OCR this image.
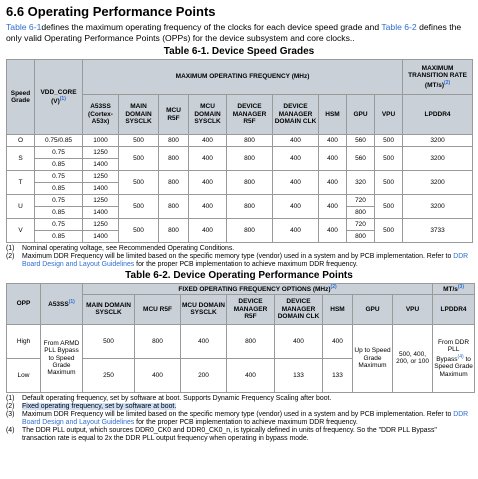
6.6 Operating Performance Points

Table 6-1defines the maximum operating frequency of the clocks for each device speed grade and Table 6-2 defines the only valid Operating Performance Points (OPPs) for the device subsystem and core clocks..

Table 6-1. Device Speed Grades
Speed Grade	VDD_CORE $(V)^{(1)}$	MAXIMUM OPERATING FREQUENCY (MHz)									MAXIMUM TRANSITION RATE $(MT/s)^{(2)}$
		A53SS (Cortex-A53x)	MAIN DOMAIN SYSCLK	MCU R5F	MCU DOMAIN SYSCLK	DEVICE MANAGER R5F	DEVICE MANAGER DOMAIN CLK	HSM	GPU	VPU	LPDDR4
O	0.75/0.85	1000	500	800	400	800	400	400	560	500	3200
S	0.75	1250	500	800	400	800	400	400	560	500	3200
	0.85	1400									
T	0.75	1250	500	800	400	800	400	400	320	500	3200
	0.85	1400									
U	0.75	1250	500	800	400	800	400	400	720	500	3200
	0.85	1400							800		
V	0.75	1250	500	800	400	800	400	400	720	500	3733
	0.85	1400							800		
(1)	Nominal operating voltage, see Recommended Operating Conditions.
(2)	Maximum DDR Frequency will be limited based on the specific memory type (vendor) used in a system and by PCB implementation. Refer to DDR Board Design and Layout Guidelines for the proper PCB implementation to achieve maximum DDR frequency.
Table 6-2. Device Operating Performance Points
OPP	A53SS$^{(1)}$	FIXED OPERATING FREQUENCY OPTIONS (MHz)$^{(2)}$								$MT/s^{(3)}$
		MAIN DOMAIN SYSCLK	MCU R5F	MCU DOMAIN SYSCLK	DEVICE MANAGER R5F	DEVICE MANAGER DOMAIN CLK	HSM	GPU	VPU	LPDDR4
High	From ARMD PLL Bypass to Speed Grade Maximum	500	800	400	800	400	400	Up to Speed Grade Maximum	500, 400, 200, or 100	From DDR PLL Bypass$^{(4)}$ to Speed Grade Maximum
Low		250	400	200	400	133	133			
(1)	Default operating frequency, set by software at boot. Supports Dynamic Frequency Scaling after boot.
(2)	Fixed operating frequency, set by software at boot.
(3)	Maximum DDR Frequency will be limited based on the specific memory type (vendor) used in a system and by PCB implementation. Refer to DDR Board Design and Layout Guidelines for the proper PCB implementation to achieve maximum DDR frequency.
(4)	The DDR PLL output, which sources DDR0_CK0 and DDR0_CK0_n, is typically defined in units of frequency. So the "DDR PLL Bypass" transaction rate is equal to 2x the DDR PLL output frequency when operating in bypass mode.
